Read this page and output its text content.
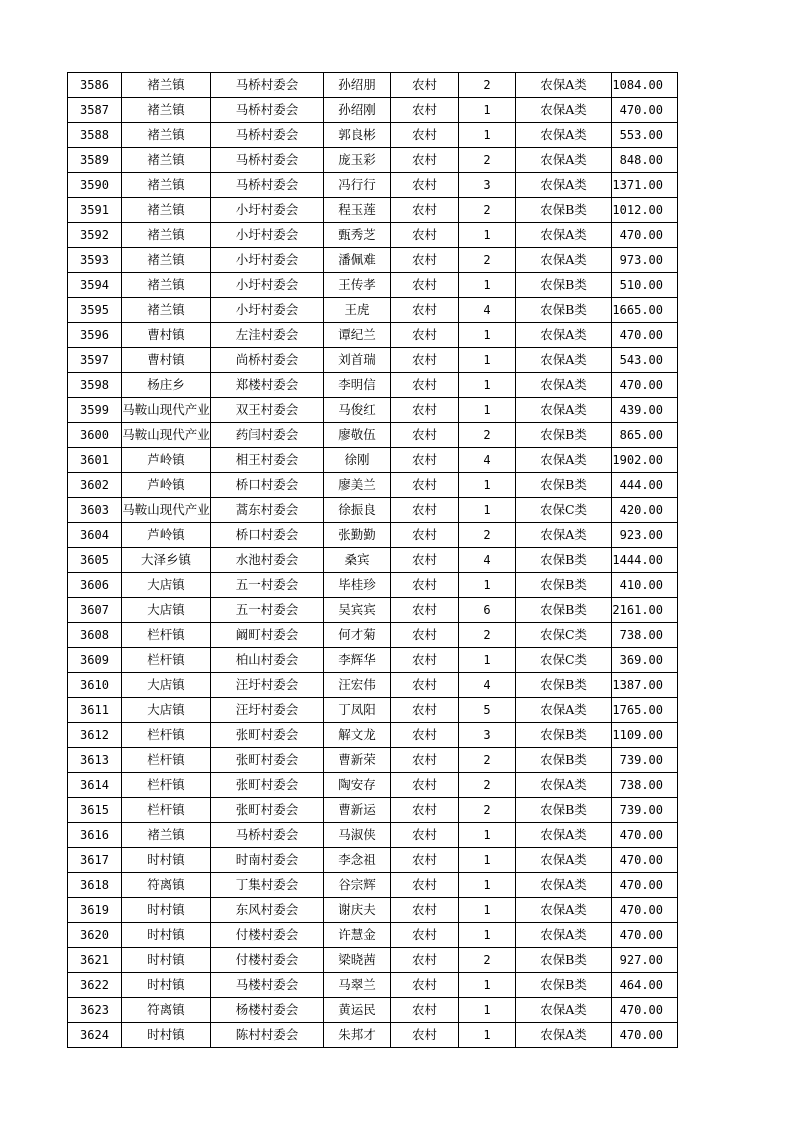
3586	褚兰镇	马桥村委会	孙绍朋	农村	2	农保A类	1084.00
3587	褚兰镇	马桥村委会	孙绍刚	农村	1	农保A类	470.00
3588	褚兰镇	马桥村委会	郭良彬	农村	1	农保A类	553.00
3589	褚兰镇	马桥村委会	庞玉彩	农村	2	农保A类	848.00
3590	褚兰镇	马桥村委会	冯行行	农村	3	农保A类	1371.00
3591	褚兰镇	小圩村委会	程玉莲	农村	2	农保B类	1012.00
3592	褚兰镇	小圩村委会	甄秀芝	农村	1	农保A类	470.00
3593	褚兰镇	小圩村委会	潘佩难	农村	2	农保A类	973.00
3594	褚兰镇	小圩村委会	王传孝	农村	1	农保B类	510.00
3595	褚兰镇	小圩村委会	王虎	农村	4	农保B类	1665.00
3596	曹村镇	左洼村委会	谭纪兰	农村	1	农保A类	470.00
3597	曹村镇	尚桥村委会	刘首瑞	农村	1	农保A类	543.00
3598	杨庄乡	郑楼村委会	李明信	农村	1	农保A类	470.00
3599	马鞍山现代产业	双王村委会	马俊红	农村	1	农保A类	439.00
3600	马鞍山现代产业	药闫村委会	廖敬伍	农村	2	农保B类	865.00
3601	芦岭镇	相王村委会	徐刚	农村	4	农保A类	1902.00
3602	芦岭镇	桥口村委会	廖美兰	农村	1	农保B类	444.00
3603	马鞍山现代产业	蒿东村委会	徐振良	农村	1	农保C类	420.00
3604	芦岭镇	桥口村委会	张勤勤	农村	2	农保A类	923.00
3605	大泽乡镇	水池村委会	桑宾	农村	4	农保B类	1444.00
3606	大店镇	五一村委会	毕桂珍	农村	1	农保B类	410.00
3607	大店镇	五一村委会	吴宾宾	农村	6	农保B类	2161.00
3608	栏杆镇	阚町村委会	何才菊	农村	2	农保C类	738.00
3609	栏杆镇	柏山村委会	李辉华	农村	1	农保C类	369.00
3610	大店镇	汪圩村委会	汪宏伟	农村	4	农保B类	1387.00
3611	大店镇	汪圩村委会	丁凤阳	农村	5	农保A类	1765.00
3612	栏杆镇	张町村委会	解文龙	农村	3	农保B类	1109.00
3613	栏杆镇	张町村委会	曹新荣	农村	2	农保B类	739.00
3614	栏杆镇	张町村委会	陶安存	农村	2	农保A类	738.00
3615	栏杆镇	张町村委会	曹新运	农村	2	农保B类	739.00
3616	褚兰镇	马桥村委会	马淑侠	农村	1	农保A类	470.00
3617	时村镇	时南村委会	李念祖	农村	1	农保A类	470.00
3618	符离镇	丁集村委会	谷宗辉	农村	1	农保A类	470.00
3619	时村镇	东风村委会	谢庆夫	农村	1	农保A类	470.00
3620	时村镇	付楼村委会	许慧金	农村	1	农保A类	470.00
3621	时村镇	付楼村委会	梁晓茜	农村	2	农保B类	927.00
3622	时村镇	马楼村委会	马翠兰	农村	1	农保B类	464.00
3623	符离镇	杨楼村委会	黄运民	农村	1	农保A类	470.00
3624	时村镇	陈村村委会	朱邦才	农村	1	农保A类	470.00
